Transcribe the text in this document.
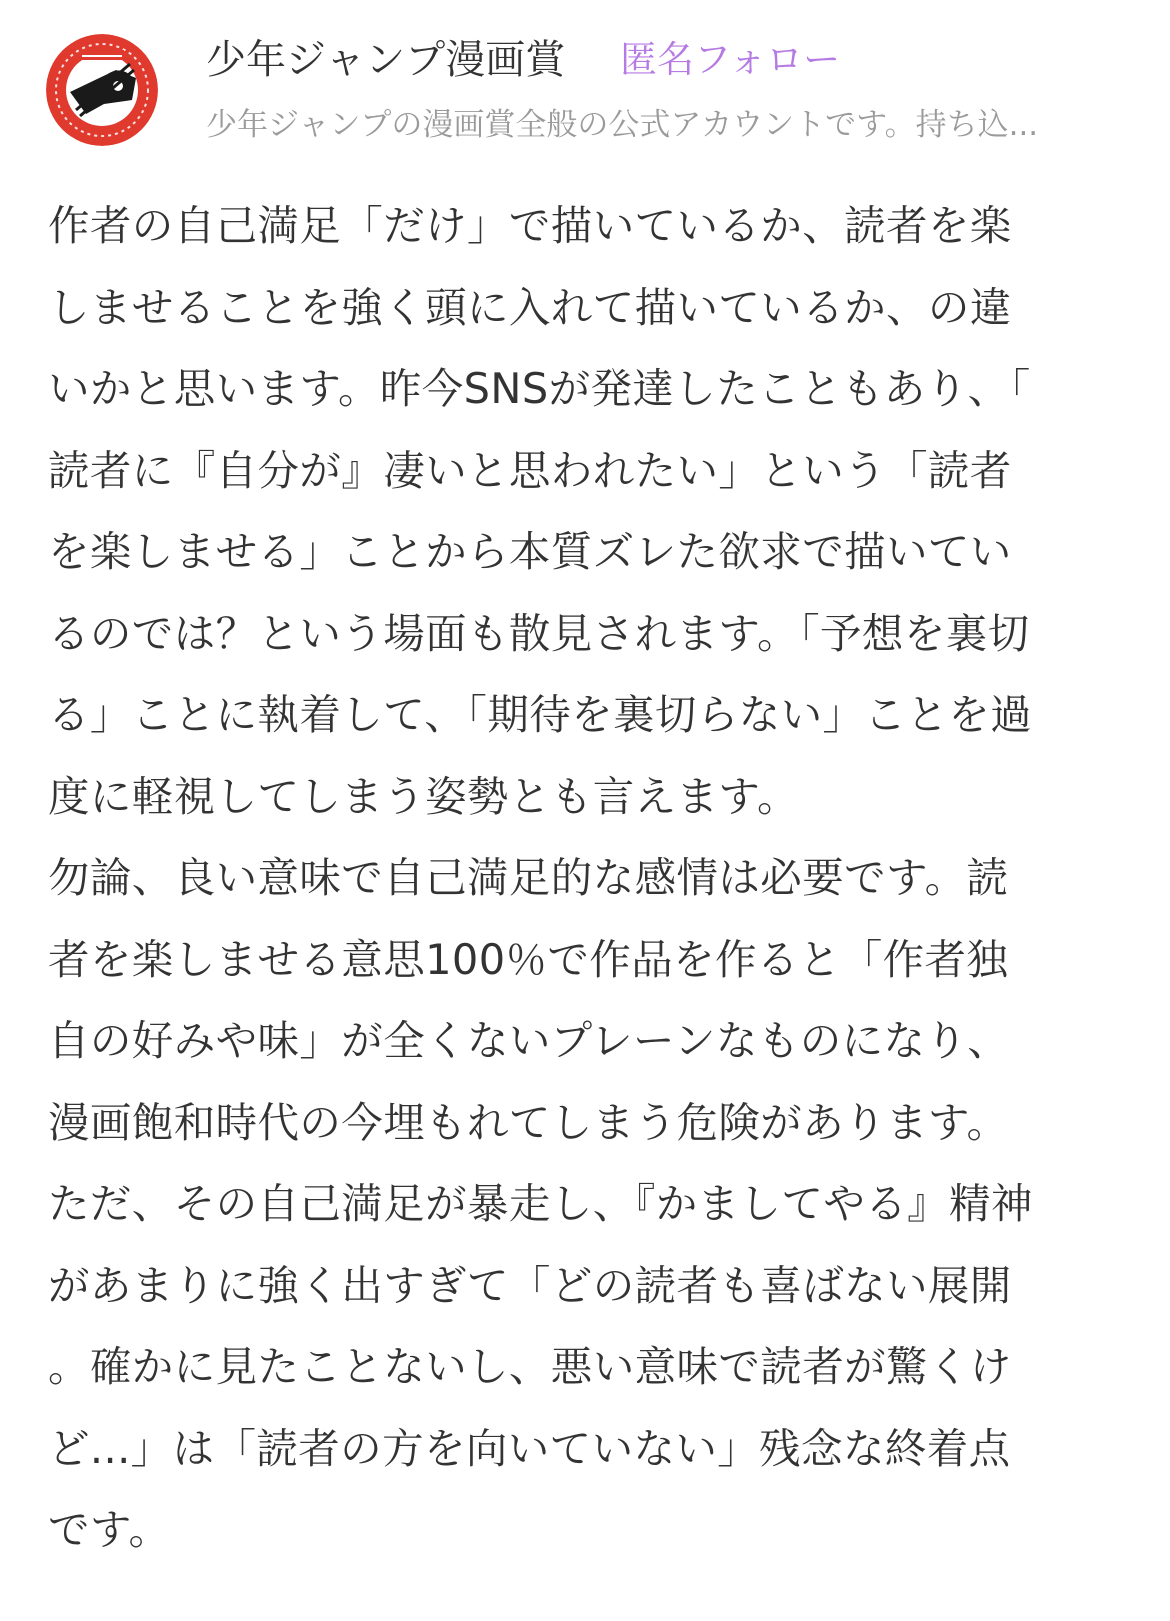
少年ジャンプ漫画賞 匿名フォロー
少年ジャンプの漫画賞全般の公式アカウントです。持ち込...

作者の自己満足「だけ」で描いているか、読者を楽しませることを強く頭に入れて描いているか、の違いかと思います。昨今SNSが発達したこともあり、「読者に『自分が』凄いと思われたい」という「読者を楽しませる」ことから本質ズレた欲求で描いているのでは？という場面も散見されます。「予想を裏切る」ことに執着して、「期待を裏切らない」ことを過度に軽視してしまう姿勢とも言えます。

勿論、良い意味で自己満足的な感情は必要です。読者を楽しませる意思100％で作品を作ると「作者独自の好みや味」が全くないプレーンなものになり、漫画飽和時代の今埋もれてしまう危険があります。

ただ、その自己満足が暴走し、『かましてやる』精神があまりに強く出すぎて「どの読者も喜ばない展開。確かに見たことないし、悪い意味で読者が驚くけど...」は「読者の方を向いていない」残念な終着点です。
